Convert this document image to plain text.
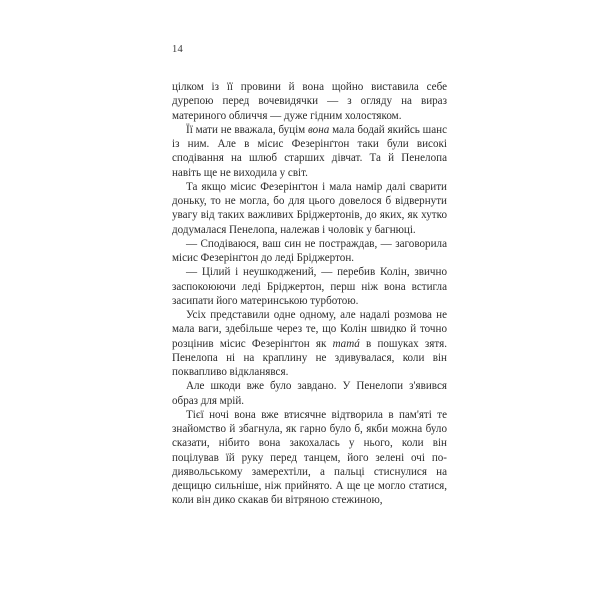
14

цілком із її провини й вона щойно виставила себе дурепою перед вочевидячки — з огляду на вираз материного обличчя — дуже гідним холостяком.

Її мати не вважала, буцім вона мала бодай якийсь шанс із ним. Але в місис Фезерінґтон таки були високі сподівання на шлюб старших дівчат. Та й Пенелопа навіть ще не виходила у світ.

Та якщо місис Фезерінґтон і мала намір далі сварити доньку, то не могла, бо для цього довелося б відвернути увагу від таких важливих Бріджертонів, до яких, як хутко додумалася Пенелопа, належав і чоловік у багнюці.

— Сподіваюся, ваш син не постраждав, — заговорила місис Фезерінґтон до леді Бріджертон.

— Цілий і неушкоджений, — перебив Колін, звично заспокоюючи леді Бріджертон, перш ніж вона встигла засипати його материнською турботою.

Усіх представили одне одному, але надалі розмова не мала ваги, здебільше через те, що Колін швидко й точно розцінив місис Фезерінґтон як mamá в пошуках зятя. Пенелопа ні на краплину не здивувалася, коли він поквапливо відкланявся.

Але шкоди вже було завдано. У Пенелопи з'явився образ для мрій.

Тієї ночі вона вже втисячне відтворила в пам'яті те знайомство й збагнула, як гарно було б, якби можна було сказати, нібито вона закохалась у нього, коли він поцілував їй руку перед танцем, його зелені очі по-диявольському замерехтіли, а пальці стиснулися на дещицю сильніше, ніж прийнято. А ще це могло статися, коли він дико скакав би вітряною стежиною,
